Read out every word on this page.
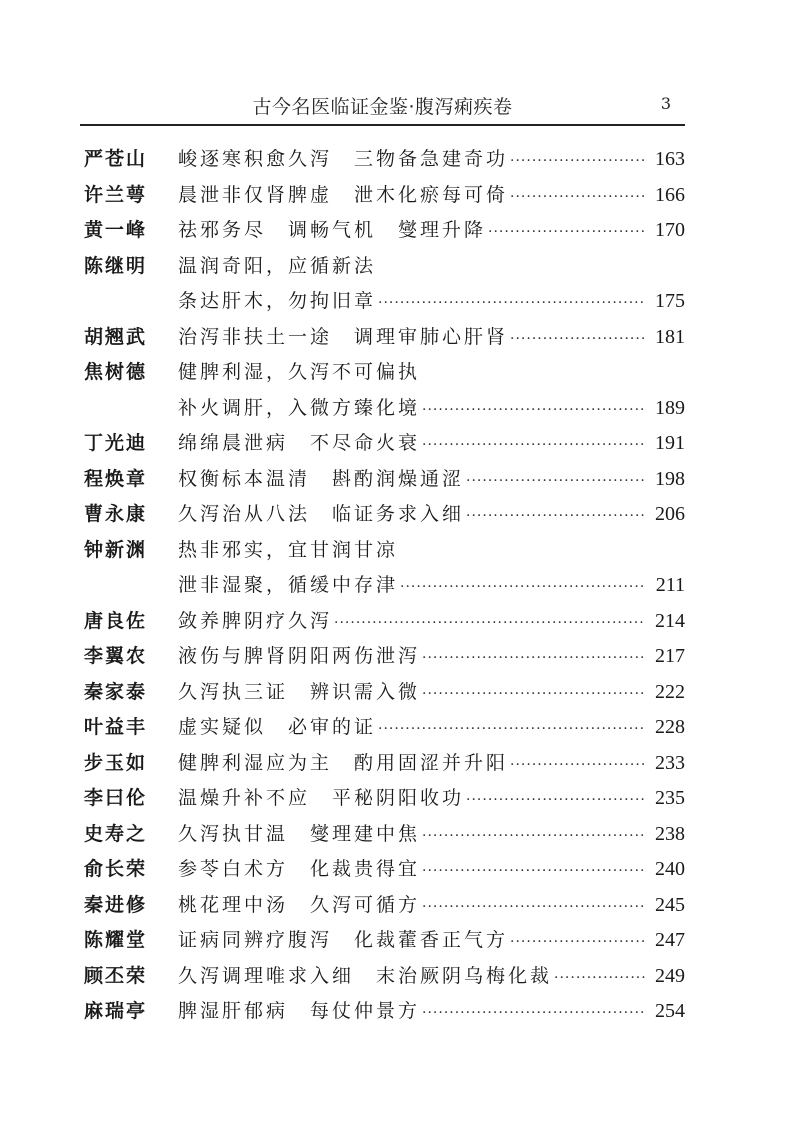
古今名医临证金鉴·腹泻痢疾卷	3
严苍山	峻逐寒积愈久泻　三物备急建奇功 ·····	163
许兰萼	晨泄非仅肾脾虚　泄木化瘀每可倚 ·····	166
黄一峰	祛邪务尽　调畅气机　燮理升降 ·····	170
陈继明	温润奇阳，应循新法
条达肝木，勿拘旧章 ·····	175
胡翘武	治泻非扶土一途　调理审肺心肝肾 ·····	181
焦树德	健脾利湿，久泻不可偏执
补火调肝，入微方臻化境 ·····	189
丁光迪	绵绵晨泄病　不尽命火衰 ·····	191
程焕章	权衡标本温清　斟酌润燥通涩 ·····	198
曹永康	久泻治从八法　临证务求入细 ·····	206
钟新渊	热非邪实，宜甘润甘凉
泄非湿聚，循缓中存津 ·····	211
唐良佐	敛养脾阴疗久泻 ·····	214
李翼农	液伤与脾肾阴阳两伤泄泻 ·····	217
秦家泰	久泻执三证　辨识需入微 ·····	222
叶益丰	虚实疑似　必审的证 ·····	228
步玉如	健脾利湿应为主　酌用固涩并升阳 ·····	233
李曰伦	温燥升补不应　平秘阴阳收功 ·····	235
史寿之	久泻执甘温　燮理建中焦 ·····	238
俞长荣	参苓白术方　化裁贵得宜 ·····	240
秦进修	桃花理中汤　久泻可循方 ·····	245
陈耀堂	证病同辨疗腹泻　化裁藿香正气方 ·····	247
顾丕荣	久泻调理唯求入细　末治厥阴乌梅化裁 ·····	249
麻瑞亭	脾湿肝郁病　每仗仲景方 ·····	254
